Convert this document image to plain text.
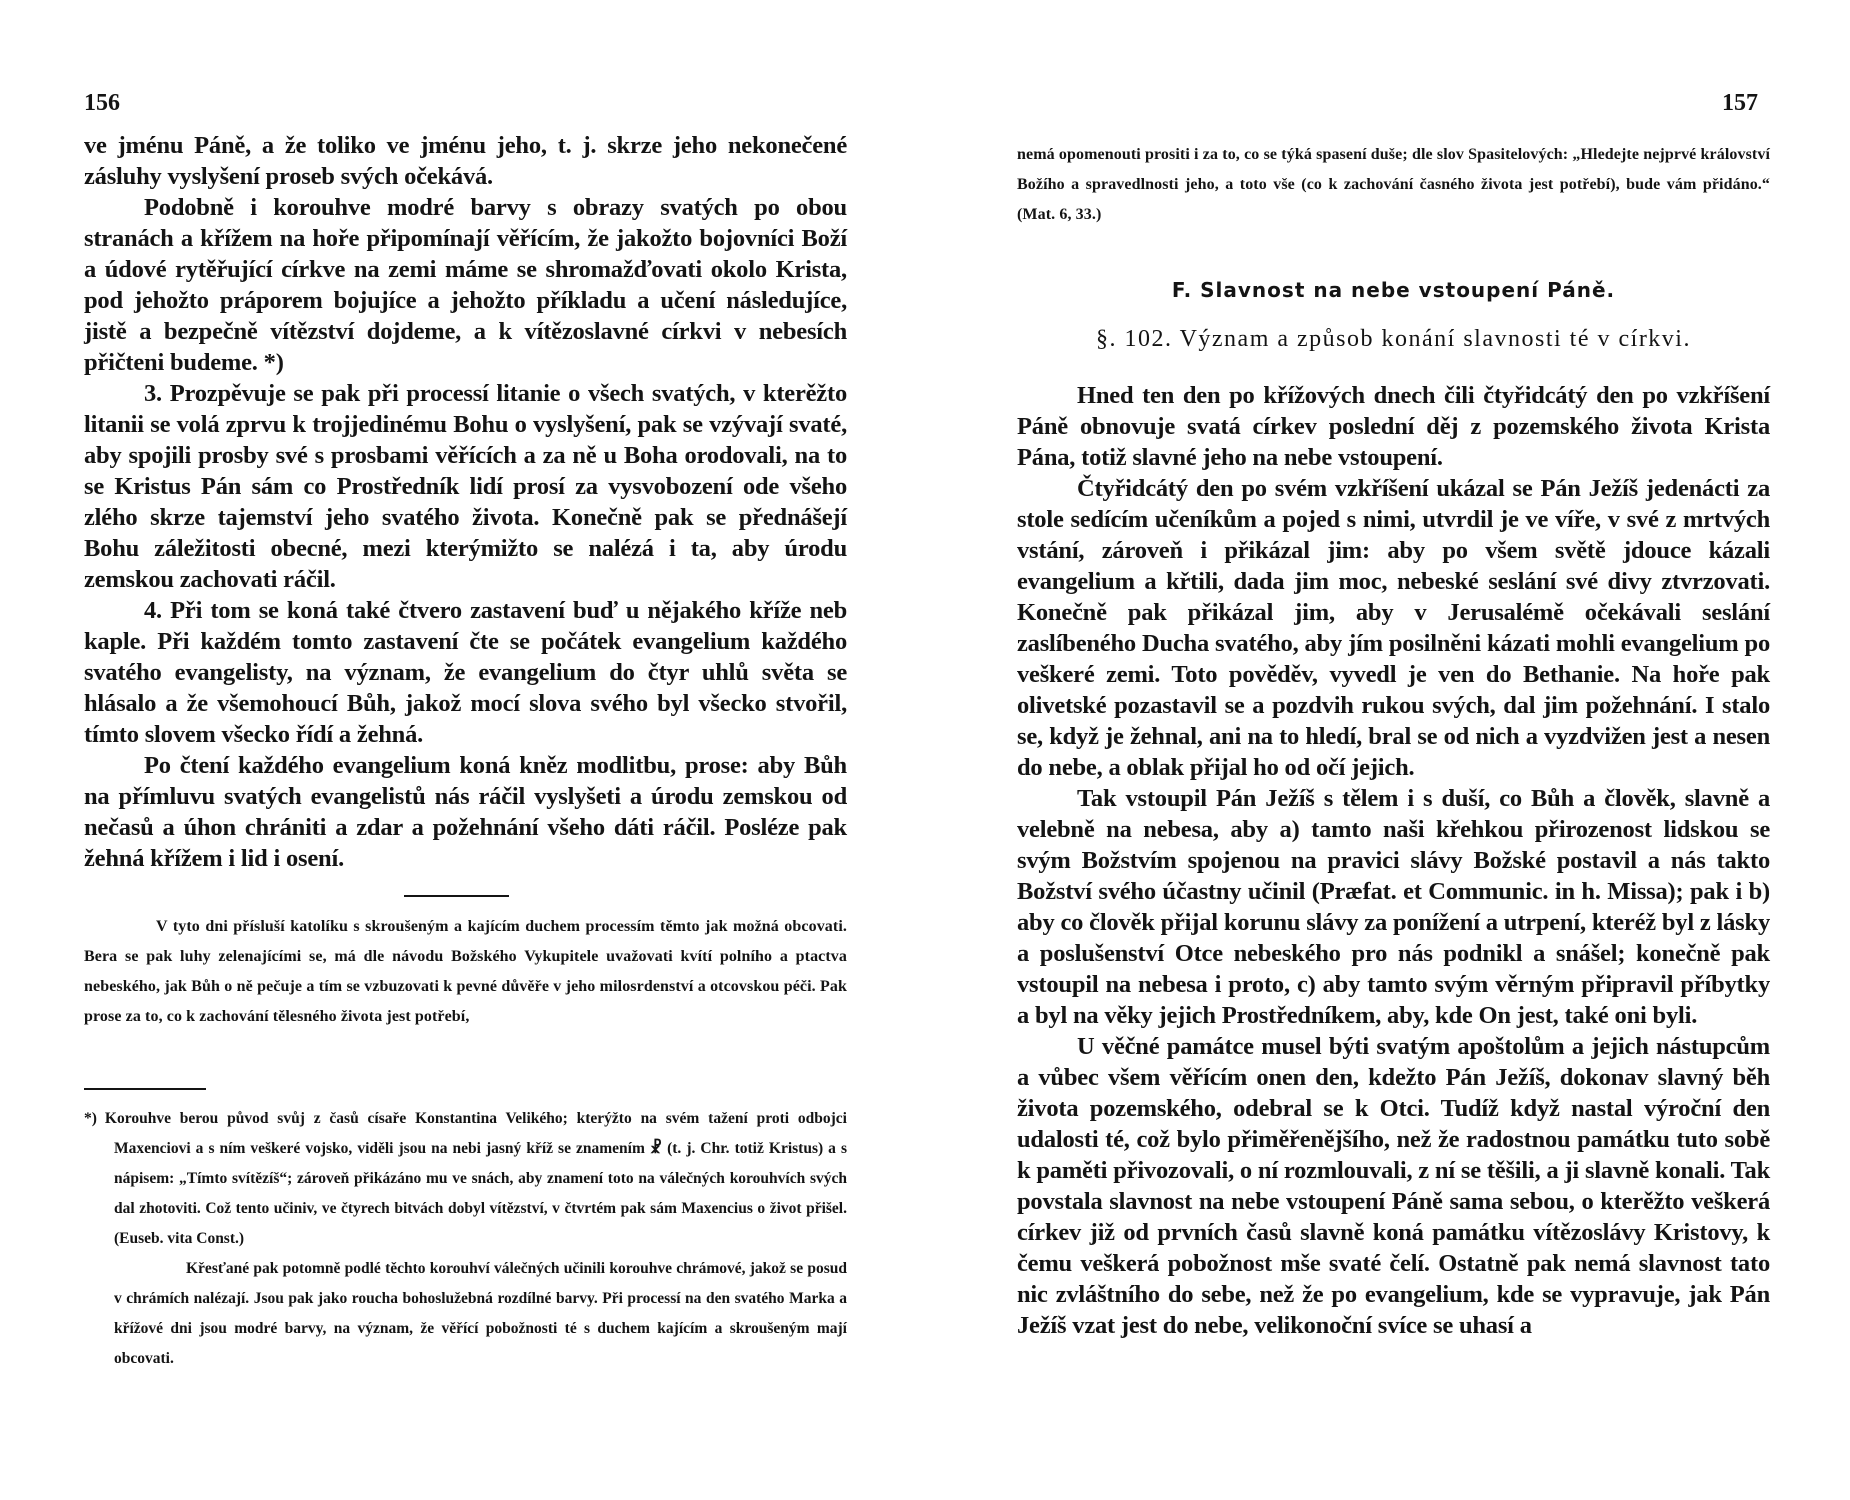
156

ve jménu Páně, a že toliko ve jménu jeho, t. j. skrze jeho nekonečené zásluhy vyslyšení proseb svých očekává.

Podobně i korouhve modré barvy s obrazy svatých po obou stranách a křížem na hoře připomínají věřícím, že jakožto bojovníci Boží a údové rytěřující církve na zemi máme se shromažďovati okolo Krista, pod jehožto práporem bojujíce a jehožto příkladu a učení následujíce, jistě a bezpečně vítězství dojdeme, a k vítězoslavné církvi v nebesích přičteni budeme. *)

3. Prozpěvuje se pak při processí litanie o všech svatých, v kterěžto litanii se volá zprvu k trojjedinému Bohu o vyslyšení, pak se vzývají svaté, aby spojili prosby své s prosbami věřících a za ně u Boha orodovali, na to se Kristus Pán sám co Prostředník lidí prosí za vysvobození ode všeho zlého skrze tajemství jeho svatého života. Konečně pak se přednášejí Bohu záležitosti obecné, mezi kterýmižto se nalézá i ta, aby úrodu zemskou zachovati ráčil.

4. Při tom se koná také čtvero zastavení buď u nějakého kříže neb kaple. Při každém tomto zastavení čte se počátek evangelium každého svatého evangelisty, na význam, že evangelium do čtyr uhlů světa se hlásalo a že všemohoucí Bůh, jakož mocí slova svého byl všecko stvořil, tímto slovem všecko řídí a žehná.

Po čtení každého evangelium koná kněz modlitbu, prose: aby Bůh na přímluvu svatých evangelistů nás ráčil vyslyšeti a úrodu zemskou od nečasů a úhon chrániti a zdar a požehnání všeho dáti ráčil. Posléze pak žehná křížem i lid i osení.

V tyto dni přísluší katolíku s skroušeným a kajícím duchem processím těmto jak možná obcovati. Bera se pak luhy zelenajícími se, má dle návodu Božského Vykupitele uvažovati kvítí polního a ptactva nebeského, jak Bůh o ně pečuje a tím se vzbuzovati k pevné důvěře v jeho milosrdenství a otcovskou péči. Pak prose za to, co k zachování tělesného života jest potřebí,

*) Korouhve berou původ svůj z časů císaře Konstantina Velikého; kterýžto na svém tažení proti odbojci Maxenciovi a s ním veškeré vojsko, viděli jsou na nebi jasný kříž se znamením ☧ (t. j. Chr. totiž Kristus) a s nápisem: „Tímto svítězíš“; zároveň přikázáno mu ve snách, aby znamení toto na válečných korouhvích svých dal zhotoviti. Což tento učiniv, ve čtyrech bitvách dobyl vítězství, v čtvrtém pak sám Maxencius o život přišel. (Euseb. vita Const.)

Křesťané pak potomně podlé těchto korouhví válečných učinili korouhve chrámové, jakož se posud v chrámích nalézají. Jsou pak jako roucha bohoslužebná rozdílné barvy. Při processí na den svatého Marka a křížové dni jsou modré barvy, na význam, že věřící pobožnosti té s duchem kajícím a skroušeným mají obcovati.

157

nemá opomenouti prositi i za to, co se týká spasení duše; dle slov Spasitelových: „Hledejte nejprvé království Božího a spravedlnosti jeho, a toto vše (co k zachování časného života jest potřebí), bude vám přidáno.“ (Mat. 6, 33.)

F. Slavnost na nebe vstoupení Páně.
§. 102. Význam a způsob konání slavnosti té v církvi.

Hned ten den po křížových dnech čili čtyřidcátý den po vzkříšení Páně obnovuje svatá církev poslední děj z pozemského života Krista Pána, totiž slavné jeho na nebe vstoupení.

Čtyřidcátý den po svém vzkříšení ukázal se Pán Ježíš jedenácti za stole sedícím učeníkům a pojed s nimi, utvrdil je ve víře, v své z mrtvých vstání, zároveň i přikázal jim: aby po všem světě jdouce kázali evangelium a křtili, dada jim moc, nebeské seslání své divy ztvrzovati. Konečně pak přikázal jim, aby v Jerusalémě očekávali seslání zaslíbeného Ducha svatého, aby jím posilněni kázati mohli evangelium po veškeré zemi. Toto pověděv, vyvedl je ven do Bethanie. Na hoře pak olivetské pozastavil se a pozdvih rukou svých, dal jim požehnání. I stalo se, když je žehnal, ani na to hledí, bral se od nich a vyzdvižen jest a nesen do nebe, a oblak přijal ho od očí jejich.

Tak vstoupil Pán Ježíš s tělem i s duší, co Bůh a člověk, slavně a velebně na nebesa, aby a) tamto naši křehkou přirozenost lidskou se svým Božstvím spojenou na pravici slávy Božské postavil a nás takto Božství svého účastny učinil (Præfat. et Communic. in h. Missa); pak i b) aby co člověk přijal korunu slávy za ponížení a utrpení, kteréž byl z lásky a poslušenství Otce nebeského pro nás podnikl a snášel; konečně pak vstoupil na nebesa i proto, c) aby tamto svým věrným připravil příbytky a byl na věky jejich Prostředníkem, aby, kde On jest, také oni byli.

U věčné památce musel býti svatým apoštolům a jejich nástupcům a vůbec všem věřícím onen den, kdežto Pán Ježíš, dokonav slavný běh života pozemského, odebral se k Otci. Tudíž když nastal výroční den udalosti té, což bylo přiměřenějšího, než že radostnou památku tuto sobě k paměti přivozovali, o ní rozmlouvali, z ní se těšili, a ji slavně konali. Tak povstala slavnost na nebe vstoupení Páně sama sebou, o kterěžto veškerá církev již od prvních časů slavně koná památku vítězoslávy Kristovy, k čemu veškerá pobožnost mše svaté čelí. Ostatně pak nemá slavnost tato nic zvláštního do sebe, než že po evangelium, kde se vypravuje, jak Pán Ježíš vzat jest do nebe, velikonoční svíce se uhasí a
